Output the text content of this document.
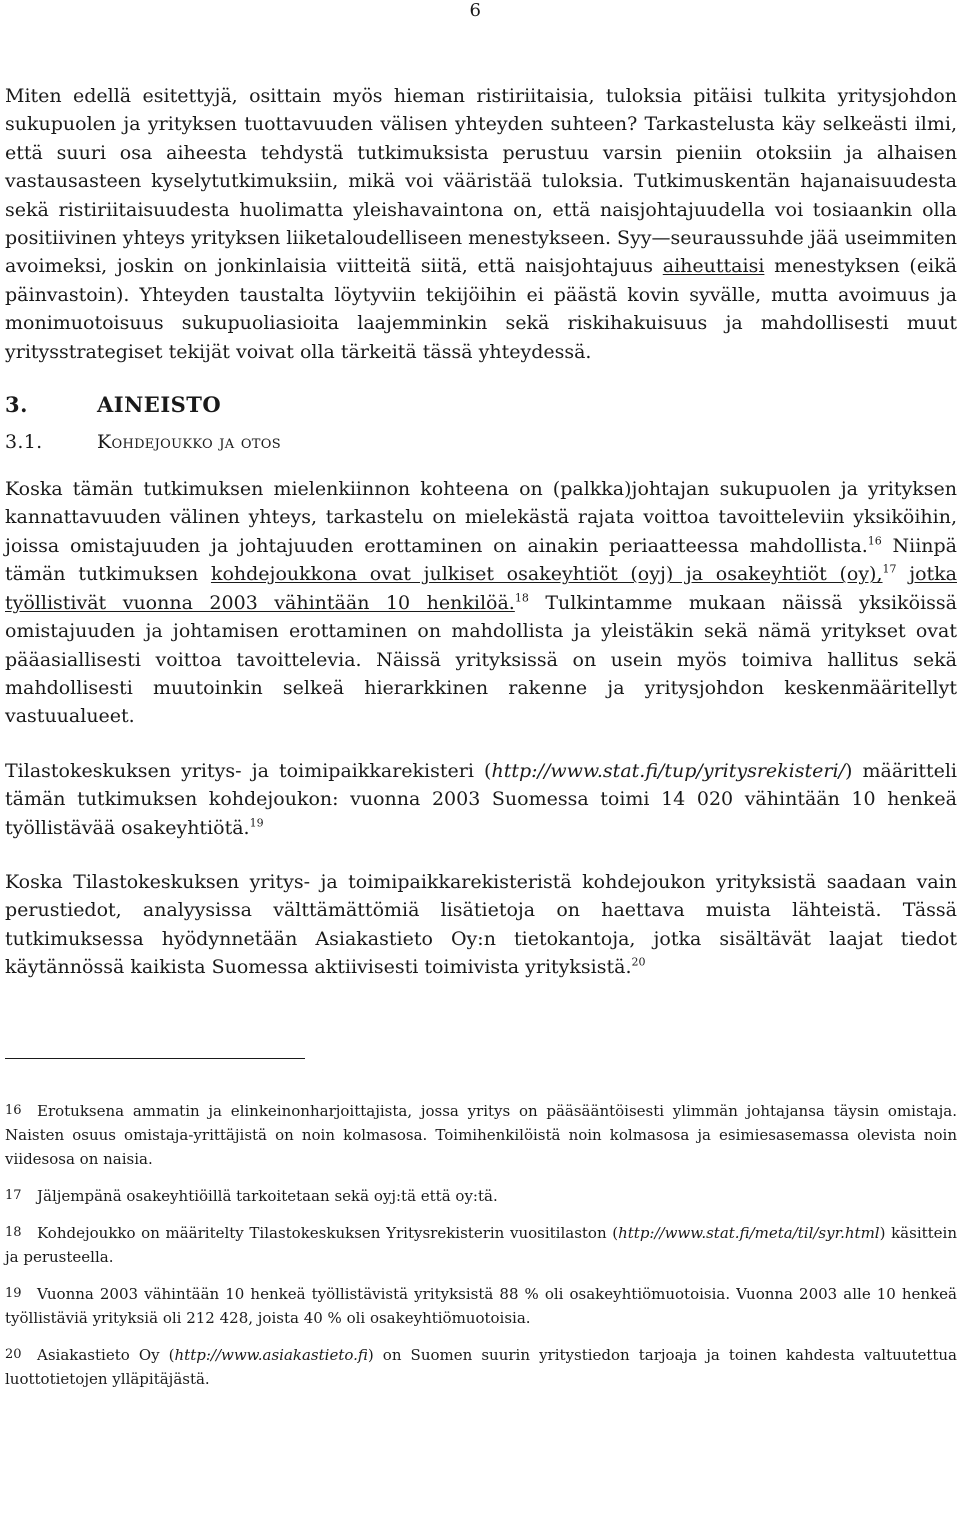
6

Miten edellä esitettyjä, osittain myös hieman ristiriitaisia, tuloksia pitäisi tulkita yritysjohdon sukupuolen ja yrityksen tuottavuuden välisen yhteyden suhteen? Tarkastelusta käy selkeästi ilmi, että suuri osa aiheesta tehdystä tutkimuksista perustuu varsin pieniin otoksiin ja alhaisen vastausasteen kyselytutkimuksiin, mikä voi vääristää tuloksia. Tutkimuskentän hajanaisuudesta sekä ristiriitaisuudesta huolimatta yleishavaintona on, että naisjohtajuudella voi tosiaankin olla positiivinen yhteys yrityksen liiketaloudelliseen menestykseen. Syy—seuraussuhde jää useimmiten avoimeksi, joskin on jonkinlaisia viitteitä siitä, että naisjohtajuus aiheuttaisi menestyksen (eikä päinvastoin). Yhteyden taustalta löytyviin tekijöihin ei päästä kovin syvälle, mutta avoimuus ja monimuotoisuus sukupuoliasioita laajemminkin sekä riskihakuisuus ja mahdollisesti muut yritysstrategiset tekijät voivat olla tärkeitä tässä yhteydessä.

3.	AINEISTO
3.1.	Kohdejoukko ja otos

Koska tämän tutkimuksen mielenkiinnon kohteena on (palkka)johtajan sukupuolen ja yrityksen kannattavuuden välinen yhteys, tarkastelu on mielekästä rajata voittoa tavoitteleviin yksiköihin, joissa omistajuuden ja johtajuuden erottaminen on ainakin periaatteessa mahdollista.$^{16}$ Niinpä tämän tutkimuksen kohdejoukkona ovat julkiset osakeyhtiöt (oyj) ja osakeyhtiöt (oy),$^{17}$ jotka työllistivät vuonna 2003 vähintään 10 henkilöä.$^{18}$ Tulkintamme mukaan näissä yksiköissä omistajuuden ja johtamisen erottaminen on mahdollista ja yleistäkin sekä nämä yritykset ovat pääasiallisesti voittoa tavoittelevia. Näissä yrityksissä on usein myös toimiva hallitus sekä mahdollisesti muutoinkin selkeä hierarkkinen rakenne ja yritysjohdon keskenmääritellyt vastuualueet.

Tilastokeskuksen yritys- ja toimipaikkarekisteri (http://www.stat.fi/tup/yritysrekisteri/) määritteli tämän tutkimuksen kohdejoukon: vuonna 2003 Suomessa toimi 14 020 vähintään 10 henkeä työllistävää osakeyhtiötä.$^{19}$

Koska Tilastokeskuksen yritys- ja toimipaikkarekisteristä kohdejoukon yrityksistä saadaan vain perustiedot, analyysissa välttämättömiä lisätietoja on haettava muista lähteistä. Tässä tutkimuksessa hyödynnetään Asiakastieto Oy:n tietokantoja, jotka sisältävät laajat tiedot käytännössä kaikista Suomessa aktiivisesti toimivista yrityksistä.$^{20}$

16 Erotuksena ammatin ja elinkeinonharjoittajista, jossa yritys on pääsääntöisesti ylimmän johtajansa täysin omistaja. Naisten osuus omistaja-yrittäjistä on noin kolmasosa. Toimihenkilöistä noin kolmasosa ja esimiesasemassa olevista noin viidesosa on naisia.

17 Jäljempänä osakeyhtiöillä tarkoitetaan sekä oyj:tä että oy:tä.

18 Kohdejoukko on määritelty Tilastokeskuksen Yritysrekisterin vuositilaston (http://www.stat.fi/meta/til/syr.html) käsittein ja perusteella.

19 Vuonna 2003 vähintään 10 henkeä työllistävistä yrityksistä 88 % oli osakeyhtiömuotoisia. Vuonna 2003 alle 10 henkeä työllistäviä yrityksiä oli 212 428, joista 40 % oli osakeyhtiömuotoisia.

20 Asiakastieto Oy (http://www.asiakastieto.fi) on Suomen suurin yritystiedon tarjoaja ja toinen kahdesta valtuutettua luottotietojen ylläpitäjästä.
